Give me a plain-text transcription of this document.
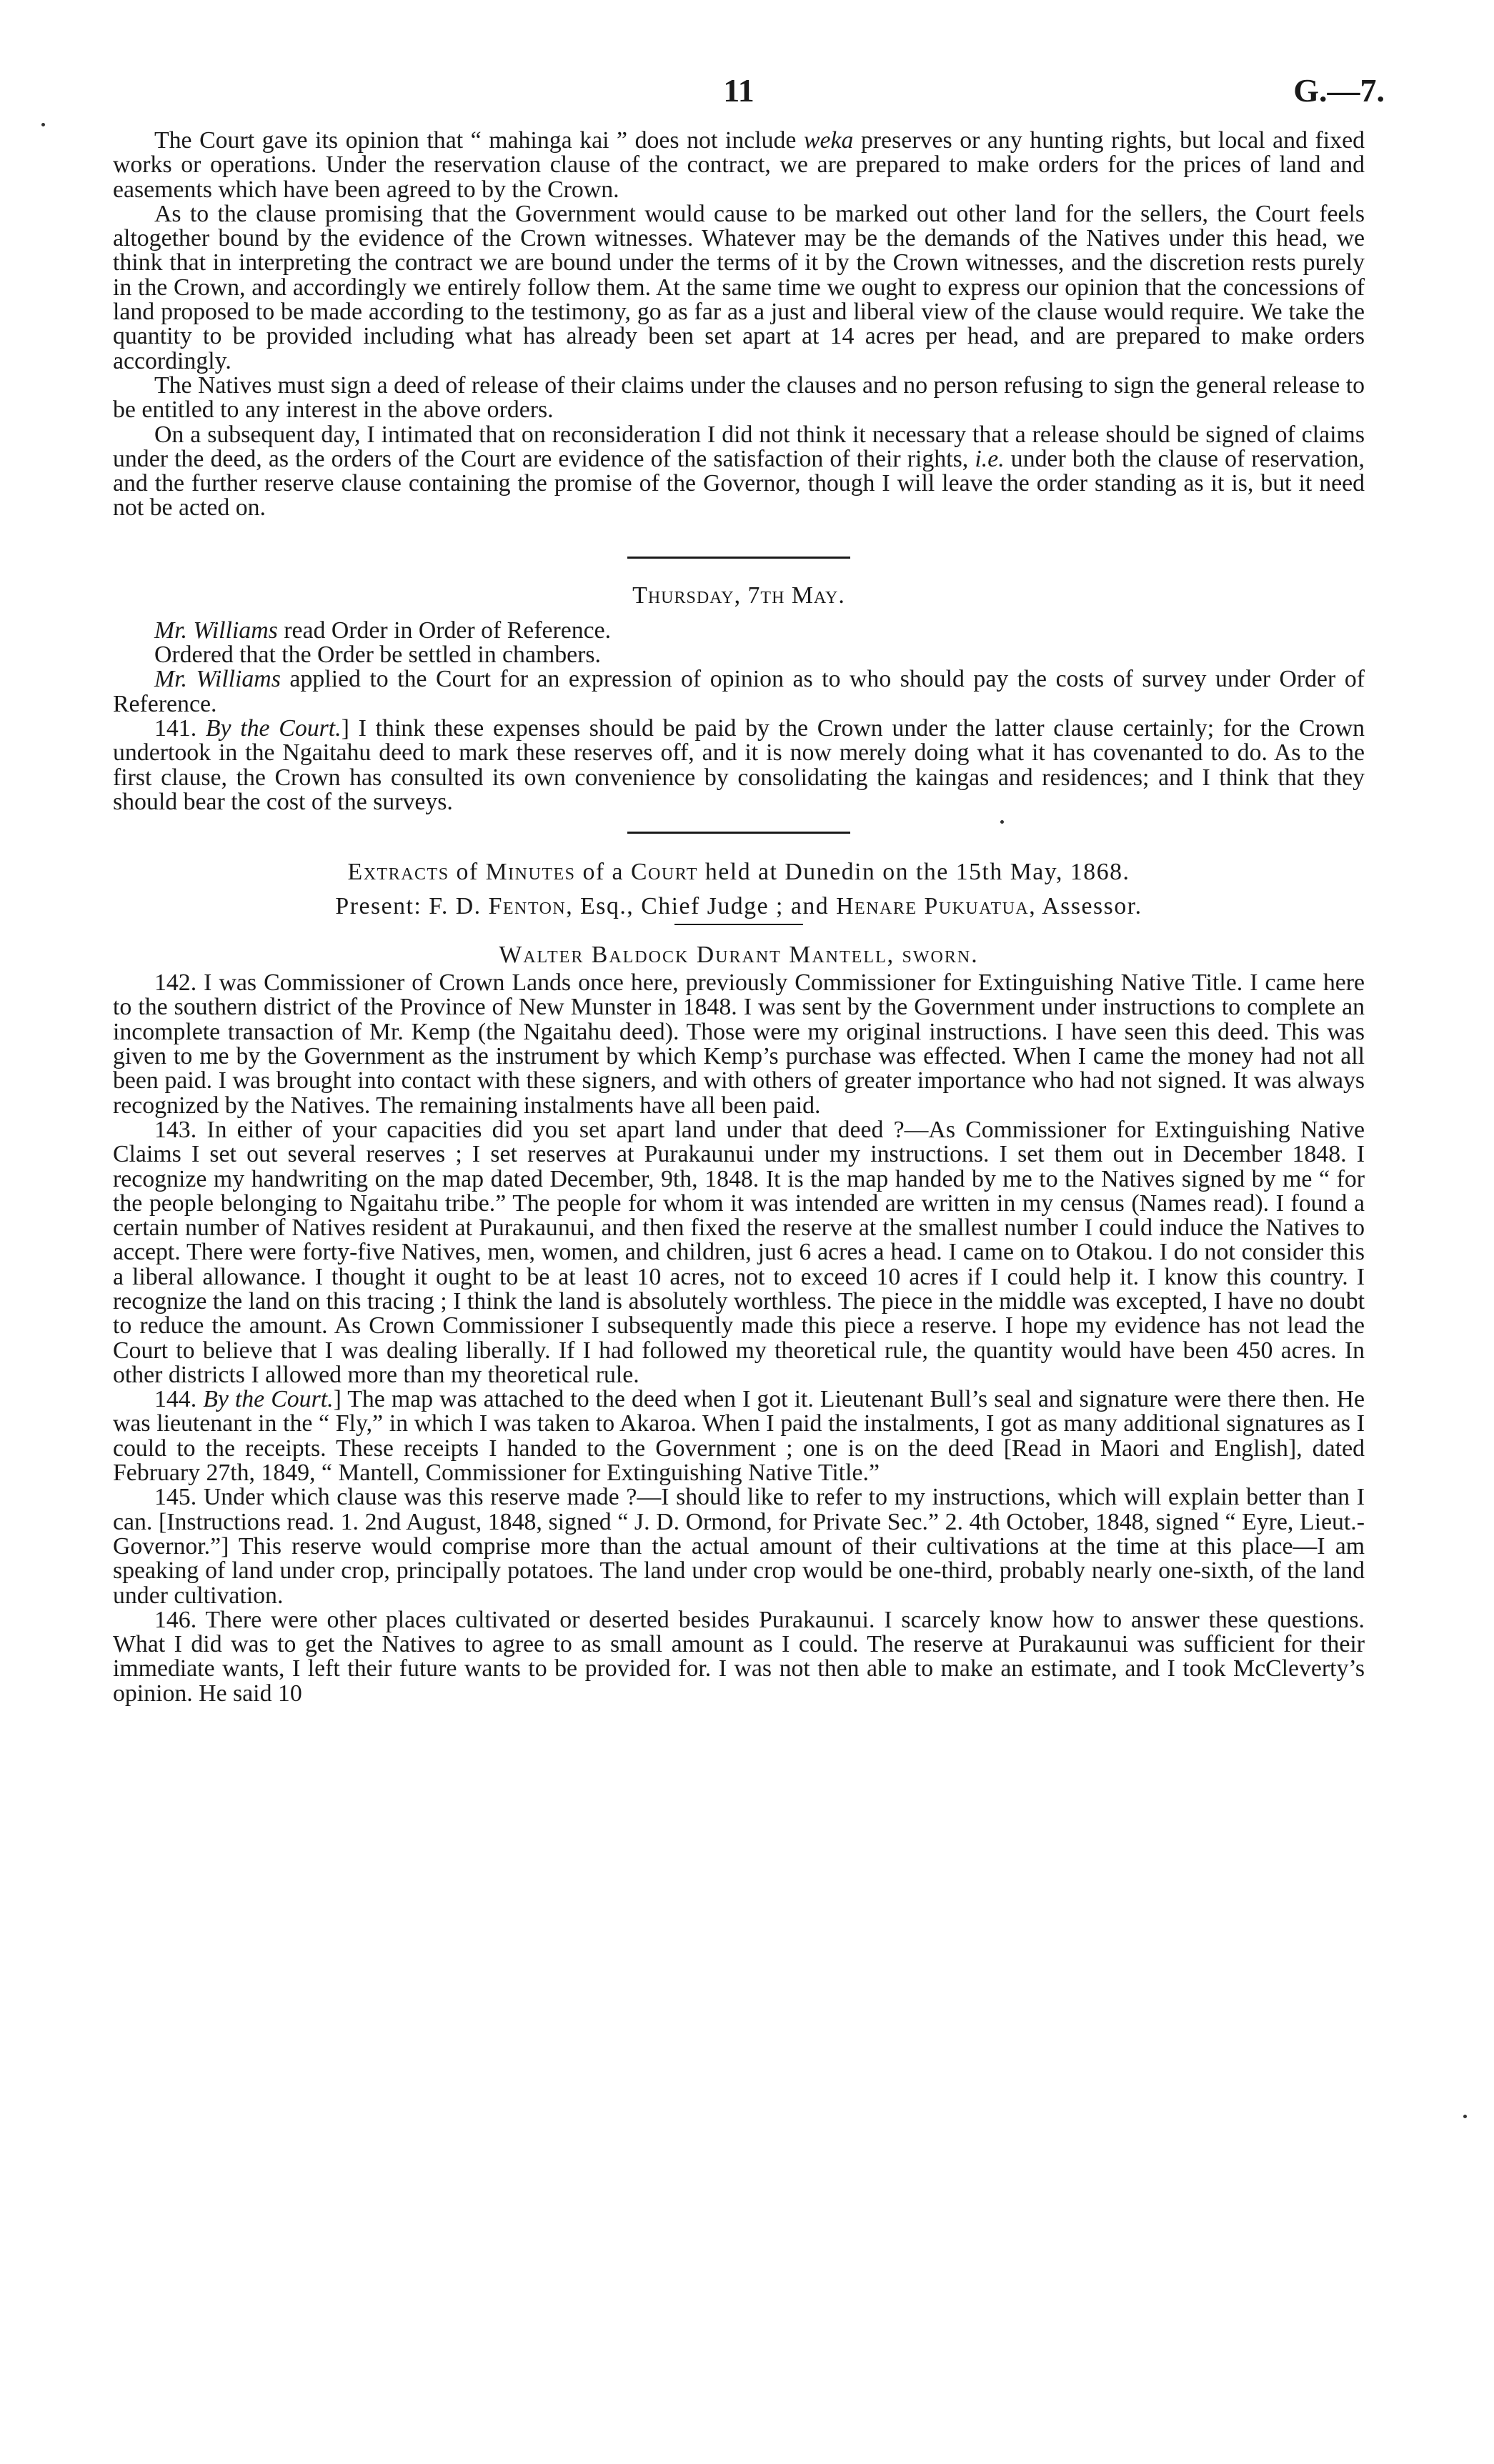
11	G.—7.

The Court gave its opinion that “ mahinga kai ” does not include weka preserves or any hunting rights, but local and fixed works or operations. Under the reservation clause of the contract, we are prepared to make orders for the prices of land and easements which have been agreed to by the Crown.

As to the clause promising that the Government would cause to be marked out other land for the sellers, the Court feels altogether bound by the evidence of the Crown witnesses. Whatever may be the demands of the Natives under this head, we think that in interpreting the contract we are bound under the terms of it by the Crown witnesses, and the discretion rests purely in the Crown, and accordingly we entirely follow them. At the same time we ought to express our opinion that the concessions of land proposed to be made according to the testimony, go as far as a just and liberal view of the clause would require. We take the quantity to be provided including what has already been set apart at 14 acres per head, and are prepared to make orders accordingly.

The Natives must sign a deed of release of their claims under the clauses and no person refusing to sign the general release to be entitled to any interest in the above orders.

On a subsequent day, I intimated that on reconsideration I did not think it necessary that a release should be signed of claims under the deed, as the orders of the Court are evidence of the satisfaction of their rights, i.e. under both the clause of reservation, and the further reserve clause containing the promise of the Governor, though I will leave the order standing as it is, but it need not be acted on.

Thursday, 7th May.

Mr. Williams read Order in Order of Reference.

Ordered that the Order be settled in chambers.

Mr. Williams applied to the Court for an expression of opinion as to who should pay the costs of survey under Order of Reference.

141. By the Court.] I think these expenses should be paid by the Crown under the latter clause certainly; for the Crown undertook in the Ngaitahu deed to mark these reserves off, and it is now merely doing what it has covenanted to do. As to the first clause, the Crown has consulted its own convenience by consolidating the kaingas and residences; and I think that they should bear the cost of the surveys.

Extracts of Minutes of a Court held at Dunedin on the 15th May, 1868.
Present: F. D. Fenton, Esq., Chief Judge ; and Henare Pukuatua, Assessor.
Walter Baldock Durant Mantell, sworn.

142. I was Commissioner of Crown Lands once here, previously Commissioner for Extinguishing Native Title. I came here to the southern district of the Province of New Munster in 1848. I was sent by the Government under instructions to complete an incomplete transaction of Mr. Kemp (the Ngaitahu deed). Those were my original instructions. I have seen this deed. This was given to me by the Government as the instrument by which Kemp’s purchase was effected. When I came the money had not all been paid. I was brought into contact with these signers, and with others of greater importance who had not signed. It was always recognized by the Natives. The remaining instalments have all been paid.

143. In either of your capacities did you set apart land under that deed ?—As Commissioner for Extinguishing Native Claims I set out several reserves ; I set reserves at Purakaunui under my instructions. I set them out in December 1848. I recognize my handwriting on the map dated December, 9th, 1848. It is the map handed by me to the Natives signed by me “ for the people belonging to Ngaitahu tribe.” The people for whom it was intended are written in my census (Names read). I found a certain number of Natives resident at Purakaunui, and then fixed the reserve at the smallest number I could induce the Natives to accept. There were forty-five Natives, men, women, and children, just 6 acres a head. I came on to Otakou. I do not consider this a liberal allowance. I thought it ought to be at least 10 acres, not to exceed 10 acres if I could help it. I know this country. I recognize the land on this tracing ; I think the land is absolutely worthless. The piece in the middle was excepted, I have no doubt to reduce the amount. As Crown Commissioner I subsequently made this piece a reserve. I hope my evidence has not lead the Court to believe that I was dealing liberally. If I had followed my theoretical rule, the quantity would have been 450 acres. In other districts I allowed more than my theoretical rule.

144. By the Court.] The map was attached to the deed when I got it. Lieutenant Bull’s seal and signature were there then. He was lieutenant in the “ Fly,” in which I was taken to Akaroa. When I paid the instalments, I got as many additional signatures as I could to the receipts. These receipts I handed to the Government ; one is on the deed [Read in Maori and English], dated February 27th, 1849, “ Mantell, Commissioner for Extinguishing Native Title.”

145. Under which clause was this reserve made ?—I should like to refer to my instructions, which will explain better than I can. [Instructions read. 1. 2nd August, 1848, signed “ J. D. Ormond, for Private Sec.” 2. 4th October, 1848, signed “ Eyre, Lieut.-Governor.”] This reserve would comprise more than the actual amount of their cultivations at the time at this place—I am speaking of land under crop, principally potatoes. The land under crop would be one-third, probably nearly one-sixth, of the land under cultivation.

146. There were other places cultivated or deserted besides Purakaunui. I scarcely know how to answer these questions. What I did was to get the Natives to agree to as small amount as I could. The reserve at Purakaunui was sufficient for their immediate wants, I left their future wants to be provided for. I was not then able to make an estimate, and I took McCleverty’s opinion. He said 10
